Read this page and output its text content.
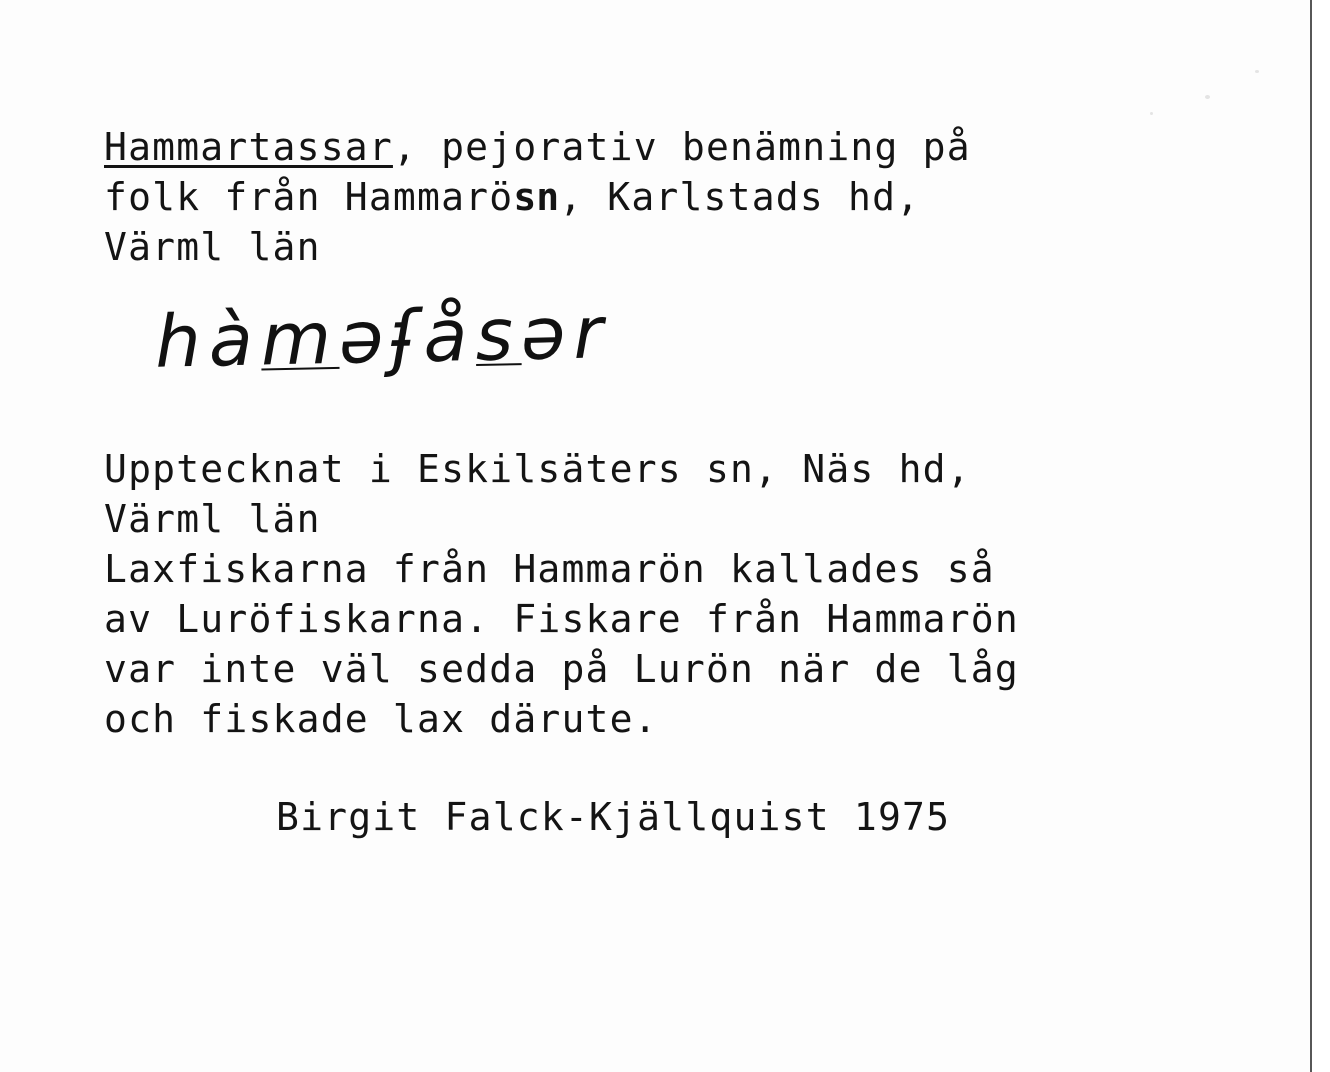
Hammartassar, pejorativ benämning på
folk från Hammarösn, Karlstads hd,
Värml län
hàməʄåsər
Upptecknat i Eskilsäters sn, Näs hd,
Värml län
Laxfiskarna från Hammarön kallades så
av Luröfiskarna. Fiskare från Hammarön
var inte väl sedda på Lurön när de låg
och fiskade lax därute.
Birgit Falck-Kjällquist 1975
